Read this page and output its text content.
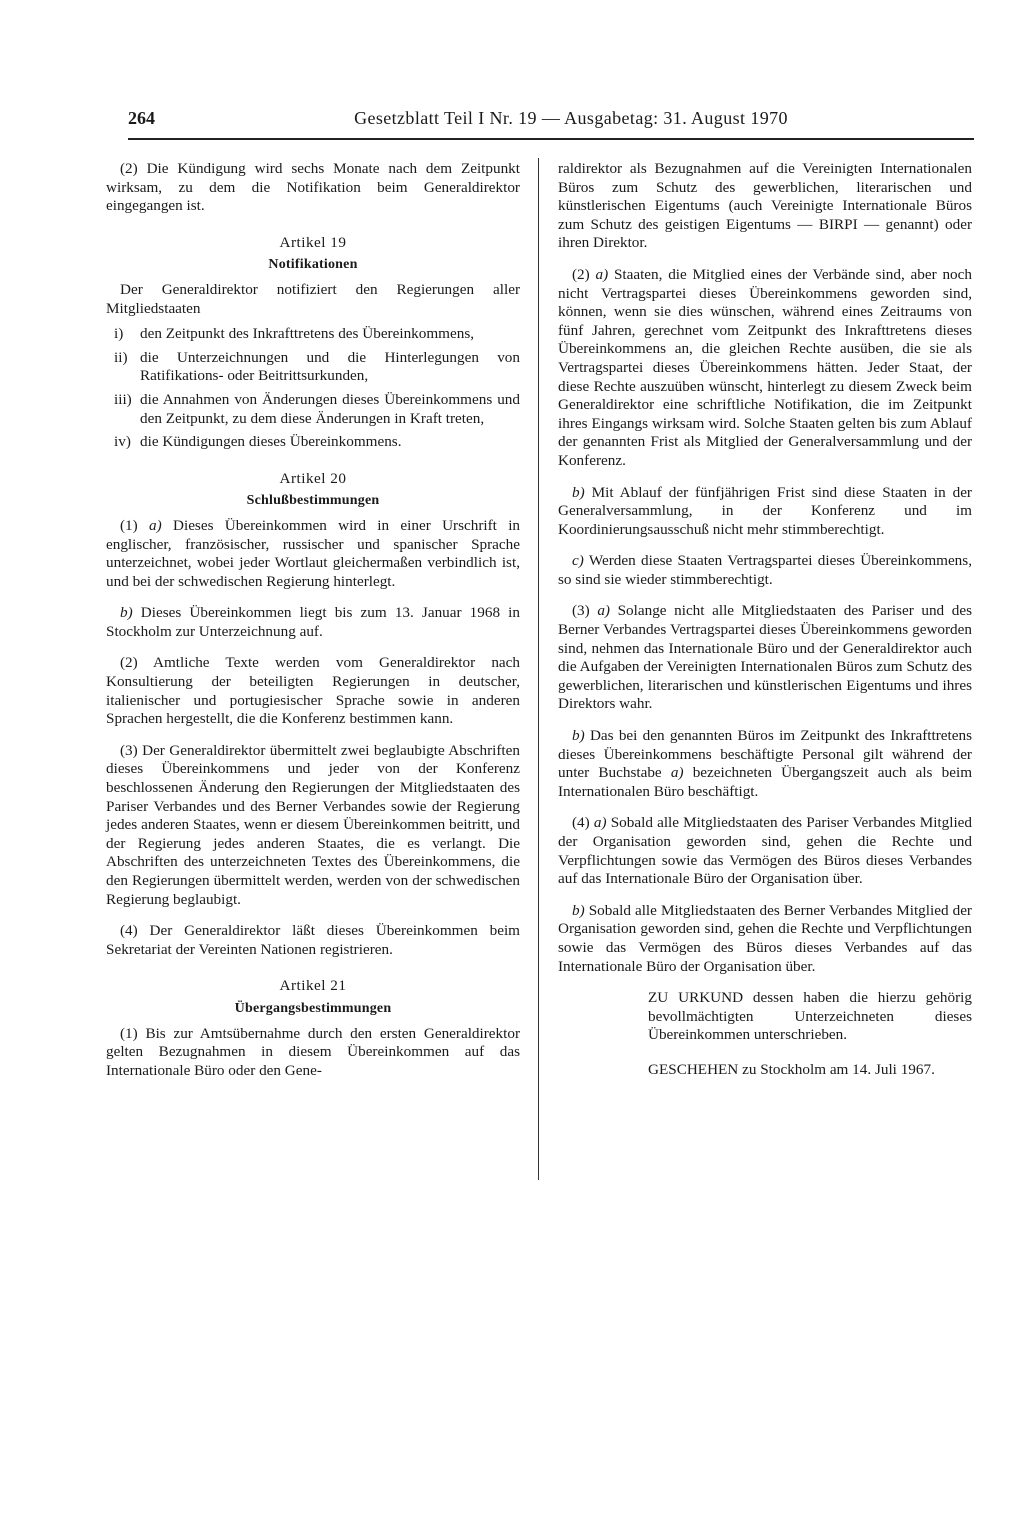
264	Gesetzblatt Teil I Nr. 19 — Ausgabetag: 31. August 1970

(2) Die Kündigung wird sechs Monate nach dem Zeitpunkt wirksam, zu dem die Notifikation beim Generaldirektor eingegangen ist.

Artikel 19
Notifikationen

Der Generaldirektor notifiziert den Regierungen aller Mitgliedstaaten

i)	den Zeitpunkt des Inkrafttretens des Übereinkommens,
ii) die Unterzeichnungen und die Hinterlegungen von Ratifikations- oder Beitrittsurkunden,
iii) die Annahmen von Änderungen dieses Übereinkommens und den Zeitpunkt, zu dem diese Änderungen in Kraft treten,
iv) die Kündigungen dieses Übereinkommens.
Artikel 20
Schlußbestimmungen

(1) a) Dieses Übereinkommen wird in einer Urschrift in englischer, französischer, russischer und spanischer Sprache unterzeichnet, wobei jeder Wortlaut gleichermaßen verbindlich ist, und bei der schwedischen Regierung hinterlegt.

b) Dieses Übereinkommen liegt bis zum 13. Januar 1968 in Stockholm zur Unterzeichnung auf.

(2) Amtliche Texte werden vom Generaldirektor nach Konsultierung der beteiligten Regierungen in deutscher, italienischer und portugiesischer Sprache sowie in anderen Sprachen hergestellt, die die Konferenz bestimmen kann.

(3) Der Generaldirektor übermittelt zwei beglaubigte Abschriften dieses Übereinkommens und jeder von der Konferenz beschlossenen Änderung den Regierungen der Mitgliedstaaten des Pariser Verbandes und des Berner Verbandes sowie der Regierung jedes anderen Staates, wenn er diesem Übereinkommen beitritt, und der Regierung jedes anderen Staates, die es verlangt. Die Abschriften des unterzeichneten Textes des Übereinkommens, die den Regierungen übermittelt werden, werden von der schwedischen Regierung beglaubigt.

(4) Der Generaldirektor läßt dieses Übereinkommen beim Sekretariat der Vereinten Nationen registrieren.

Artikel 21
Übergangsbestimmungen

(1) Bis zur Amtsübernahme durch den ersten Generaldirektor gelten Bezugnahmen in diesem Übereinkommen auf das Internationale Büro oder den Gene-

raldirektor als Bezugnahmen auf die Vereinigten Internationalen Büros zum Schutz des gewerblichen, literarischen und künstlerischen Eigentums (auch Vereinigte Internationale Büros zum Schutz des geistigen Eigentums — BIRPI — genannt) oder ihren Direktor.

(2) a) Staaten, die Mitglied eines der Verbände sind, aber noch nicht Vertragspartei dieses Übereinkommens geworden sind, können, wenn sie dies wünschen, während eines Zeitraums von fünf Jahren, gerechnet vom Zeitpunkt des Inkrafttretens dieses Übereinkommens an, die gleichen Rechte ausüben, die sie als Vertragspartei dieses Übereinkommens hätten. Jeder Staat, der diese Rechte auszuüben wünscht, hinterlegt zu diesem Zweck beim Generaldirektor eine schriftliche Notifikation, die im Zeitpunkt ihres Eingangs wirksam wird. Solche Staaten gelten bis zum Ablauf der genannten Frist als Mitglied der Generalversammlung und der Konferenz.

b) Mit Ablauf der fünfjährigen Frist sind diese Staaten in der Generalversammlung, in der Konferenz und im Koordinierungsausschuß nicht mehr stimmberechtigt.

c) Werden diese Staaten Vertragspartei dieses Übereinkommens, so sind sie wieder stimmberechtigt.

(3) a) Solange nicht alle Mitgliedstaaten des Pariser und des Berner Verbandes Vertragspartei dieses Übereinkommens geworden sind, nehmen das Internationale Büro und der Generaldirektor auch die Aufgaben der Vereinigten Internationalen Büros zum Schutz des gewerblichen, literarischen und künstlerischen Eigentums und ihres Direktors wahr.

b) Das bei den genannten Büros im Zeitpunkt des Inkrafttretens dieses Übereinkommens beschäftigte Personal gilt während der unter Buchstabe a) bezeichneten Übergangszeit auch als beim Internationalen Büro beschäftigt.

(4) a) Sobald alle Mitgliedstaaten des Pariser Verbandes Mitglied der Organisation geworden sind, gehen die Rechte und Verpflichtungen sowie das Vermögen des Büros dieses Verbandes auf das Internationale Büro der Organisation über.

b) Sobald alle Mitgliedstaaten des Berner Verbandes Mitglied der Organisation geworden sind, gehen die Rechte und Verpflichtungen sowie das Vermögen des Büros dieses Verbandes auf das Internationale Büro der Organisation über.

ZU URKUND dessen haben die hierzu gehörig bevollmächtigten Unterzeichneten dieses Übereinkommen unterschrieben.

GESCHEHEN zu Stockholm am 14. Juli 1967.
